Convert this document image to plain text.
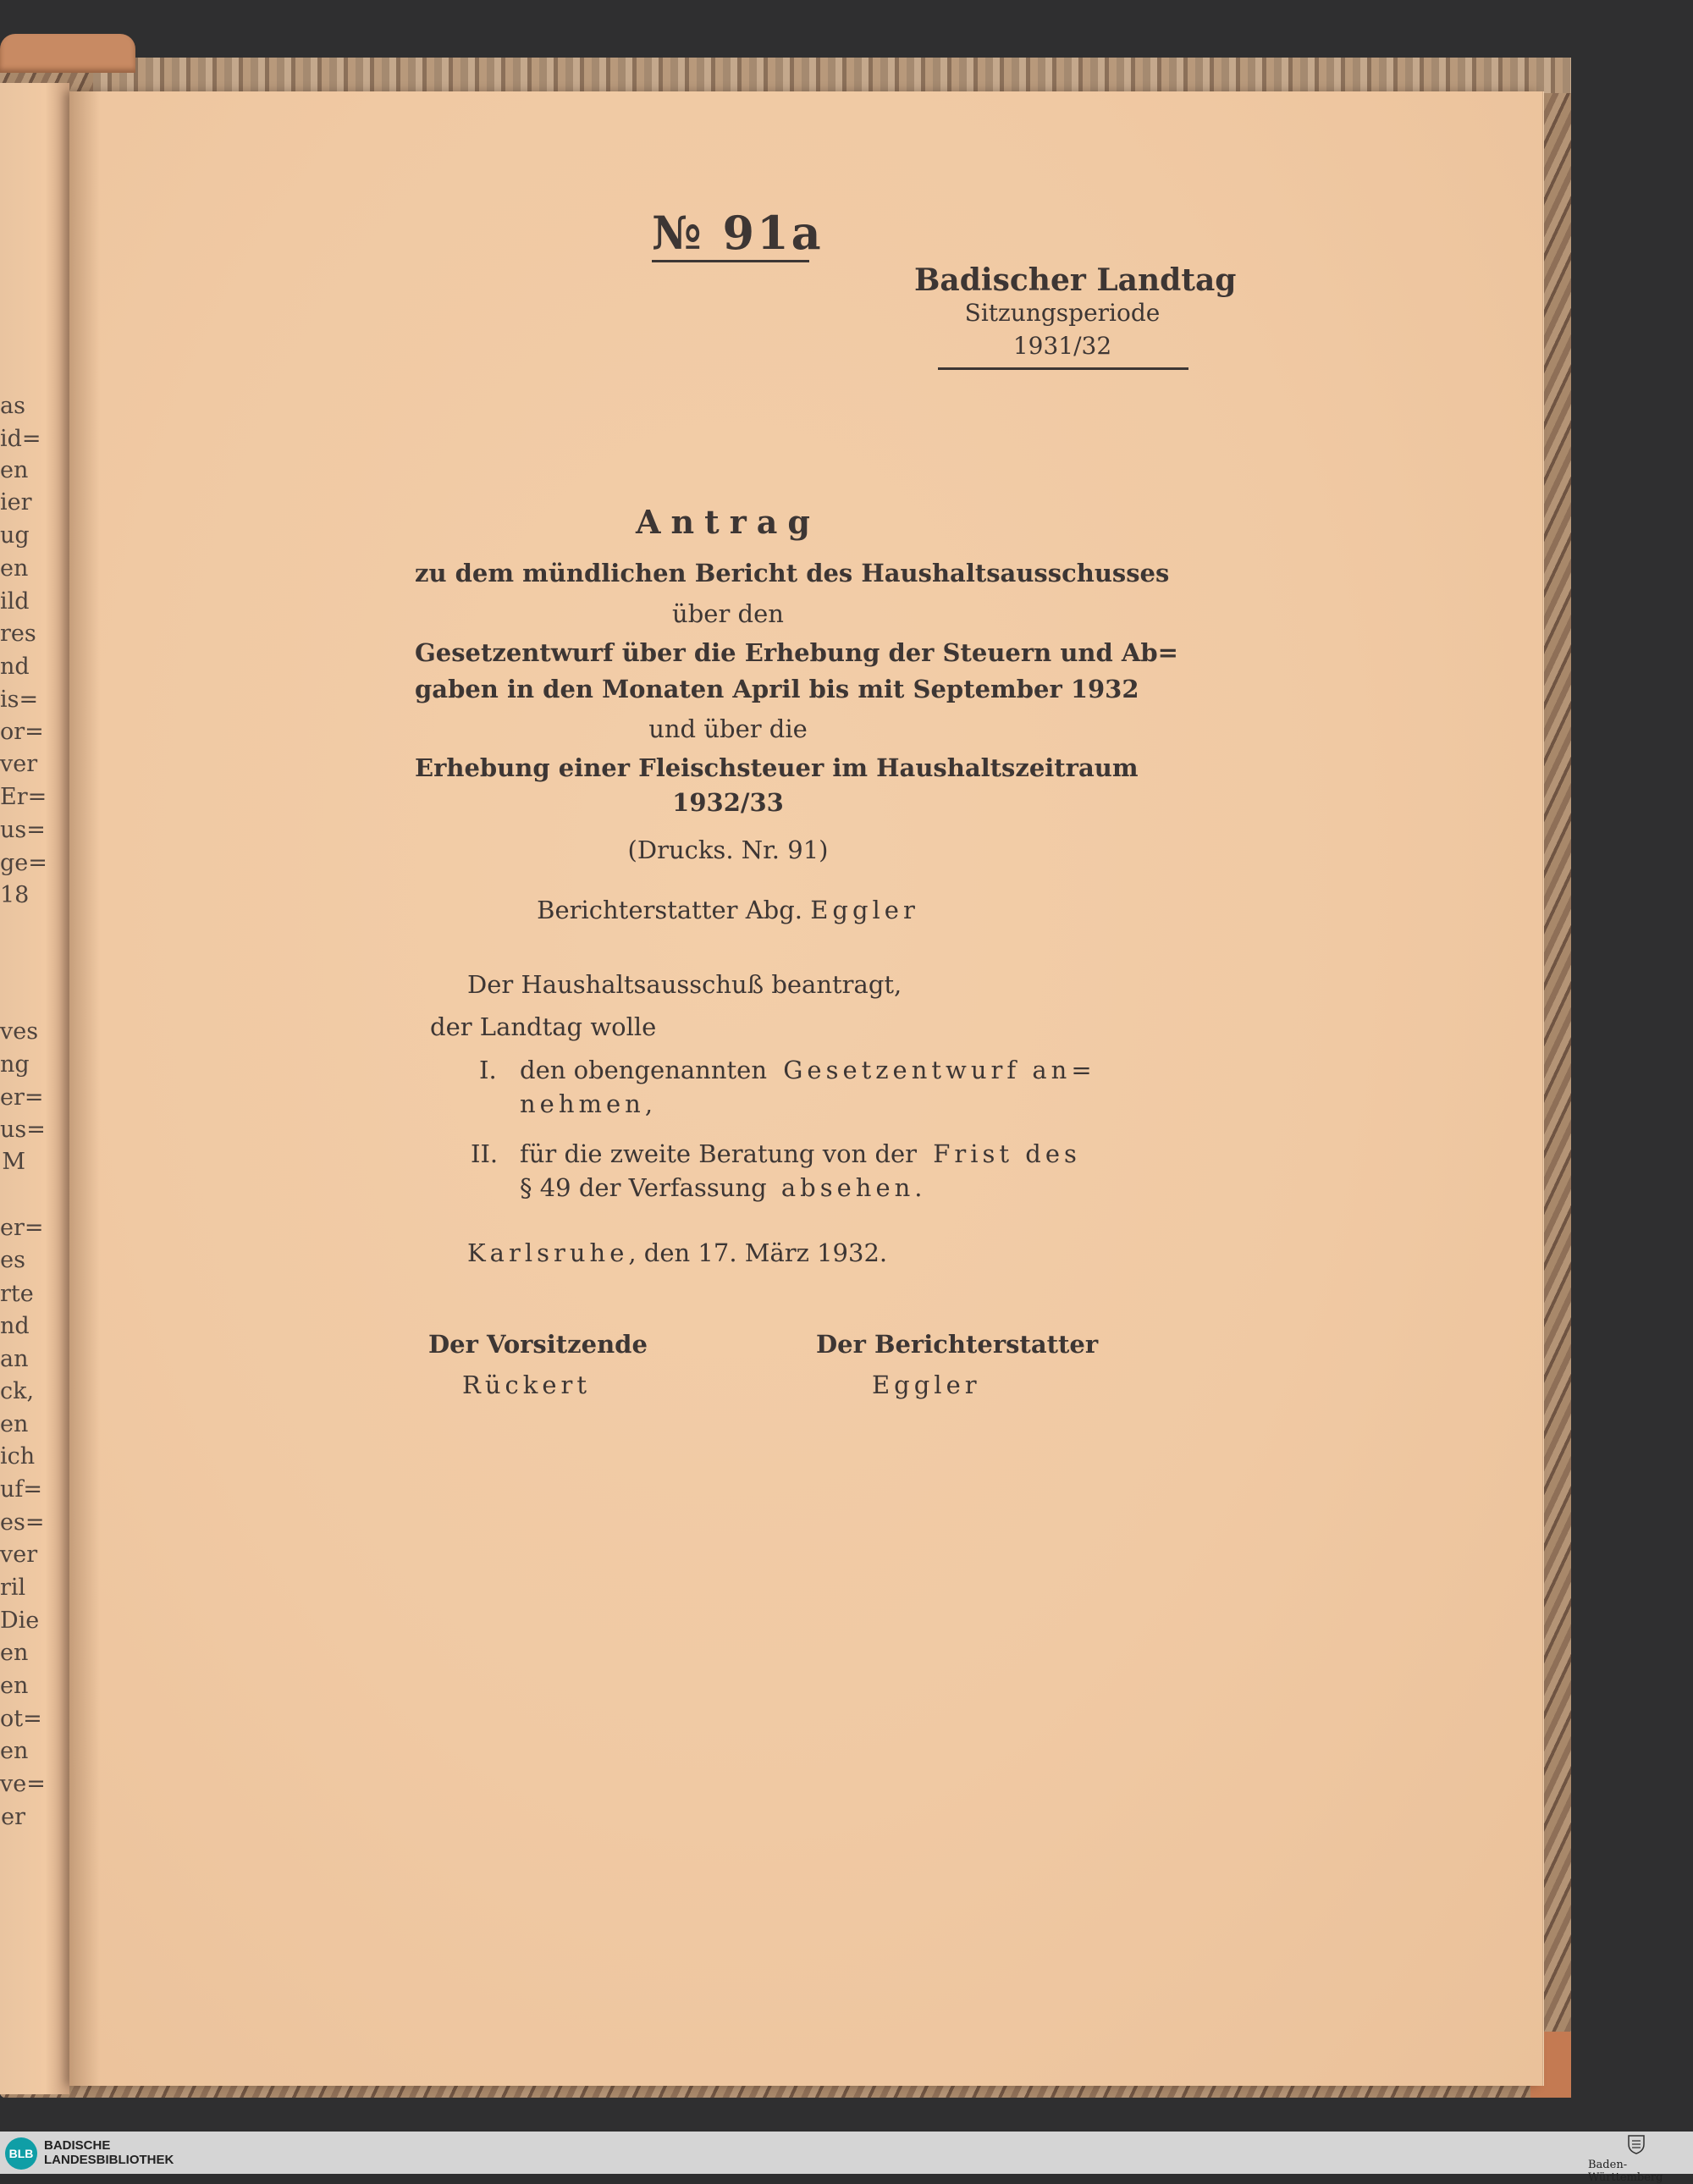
as
id=
en
ier
ug
en
ild
res
nd
is=
or=
ver
Er=
us=
ge=
18
ves
ng
er=
us=
M
er=
es
rte
nd
an
ck,
en
ich
uf=
es=
ver
ril
Die
en
en
ot=
en
ve=
er
№ 91a
Badischer Landtag
Sitzungsperiode
1931/32
Antrag
zu dem mündlichen Bericht des Haushaltsausschusses
über den
Gesetzentwurf über die Erhebung der Steuern und Ab=
gaben in den Monaten April bis mit September 1932
und über die
Erhebung einer Fleischsteuer im Haushaltszeitraum
1932/33
(Drucks. Nr. 91)
Berichterstatter Abg. Eggler
Der Haushaltsausschuß beantragt,
der Landtag wolle
I. den obengenannten Gesetzentwurf an=
nehmen,
II. für die zweite Beratung von der Frist des
§ 49 der Verfassung absehen.
Karlsruhe, den 17. März 1932.
Der Vorsitzende
Rückert
Der Berichterstatter
Eggler
BLB
BADISCHE
LANDESBIBLIOTHEK	Baden-Württemberg
